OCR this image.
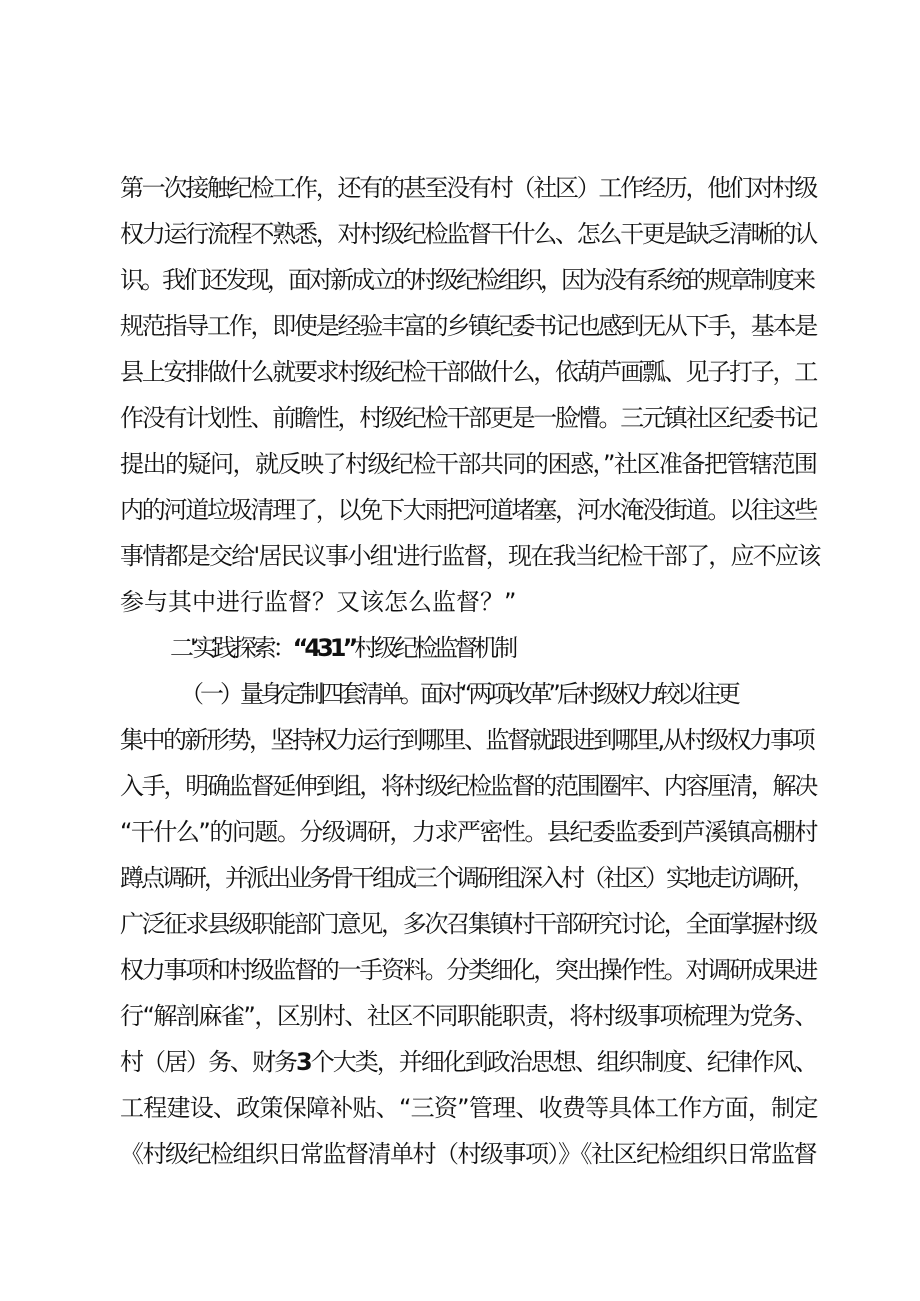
第一次接触纪检工作，还有的甚至没有村（社区）工作经历，他们对村级
权力运行流程不熟悉，对村级纪检监督干什么、怎么干更是缺乏清晰的认
识。我们还发现，面对新成立的村级纪检组织，因为没有系统的规章制度来
规范指导工作，即使是经验丰富的乡镇纪委书记也感到无从下手，基本是
县上安排做什么就要求村级纪检干部做什么，依葫芦画瓢、见子打子，工
作没有计划性、前瞻性，村级纪检干部更是一脸懵。三元镇社区纪委书记
提出的疑问，就反映了村级纪检干部共同的困惑，”社区准备把管辖范围
内的河道垃圾清理了，以免下大雨把河道堵塞，河水淹没街道。以往这些
事情都是交给'居民议事小组'进行监督，现在我当纪检干部了，应不应该
参与其中进行监督？又该怎么监督？”
二'实践探索：“431”村级纪检监督机制
（一）量身定制四套清单。面对“两项改革”后村级权力较以往更
集中的新形势，坚持权力运行到哪里、监督就跟进到哪里,从村级权力事项
入手，明确监督延伸到组，将村级纪检监督的范围圈牢、内容厘清，解决
“干什么”的问题。分级调研，力求严密性。县纪委监委到芦溪镇高棚村
蹲点调研，并派出业务骨干组成三个调研组深入村（社区）实地走访调研，
广泛征求县级职能部门意见，多次召集镇村干部研究讨论，全面掌握村级
权力事项和村级监督的一手资料。分类细化，突出操作性。对调研成果进
行“解剖麻雀”，区别村、社区不同职能职责，将村级事项梳理为党务、
村（居）务、财务3个大类，并细化到政治思想、组织制度、纪律作风、
工程建设、政策保障补贴、“三资”管理、收费等具体工作方面，制定
《村级纪检组织日常监督清单村（村级事项）》《社区纪检组织日常监督
